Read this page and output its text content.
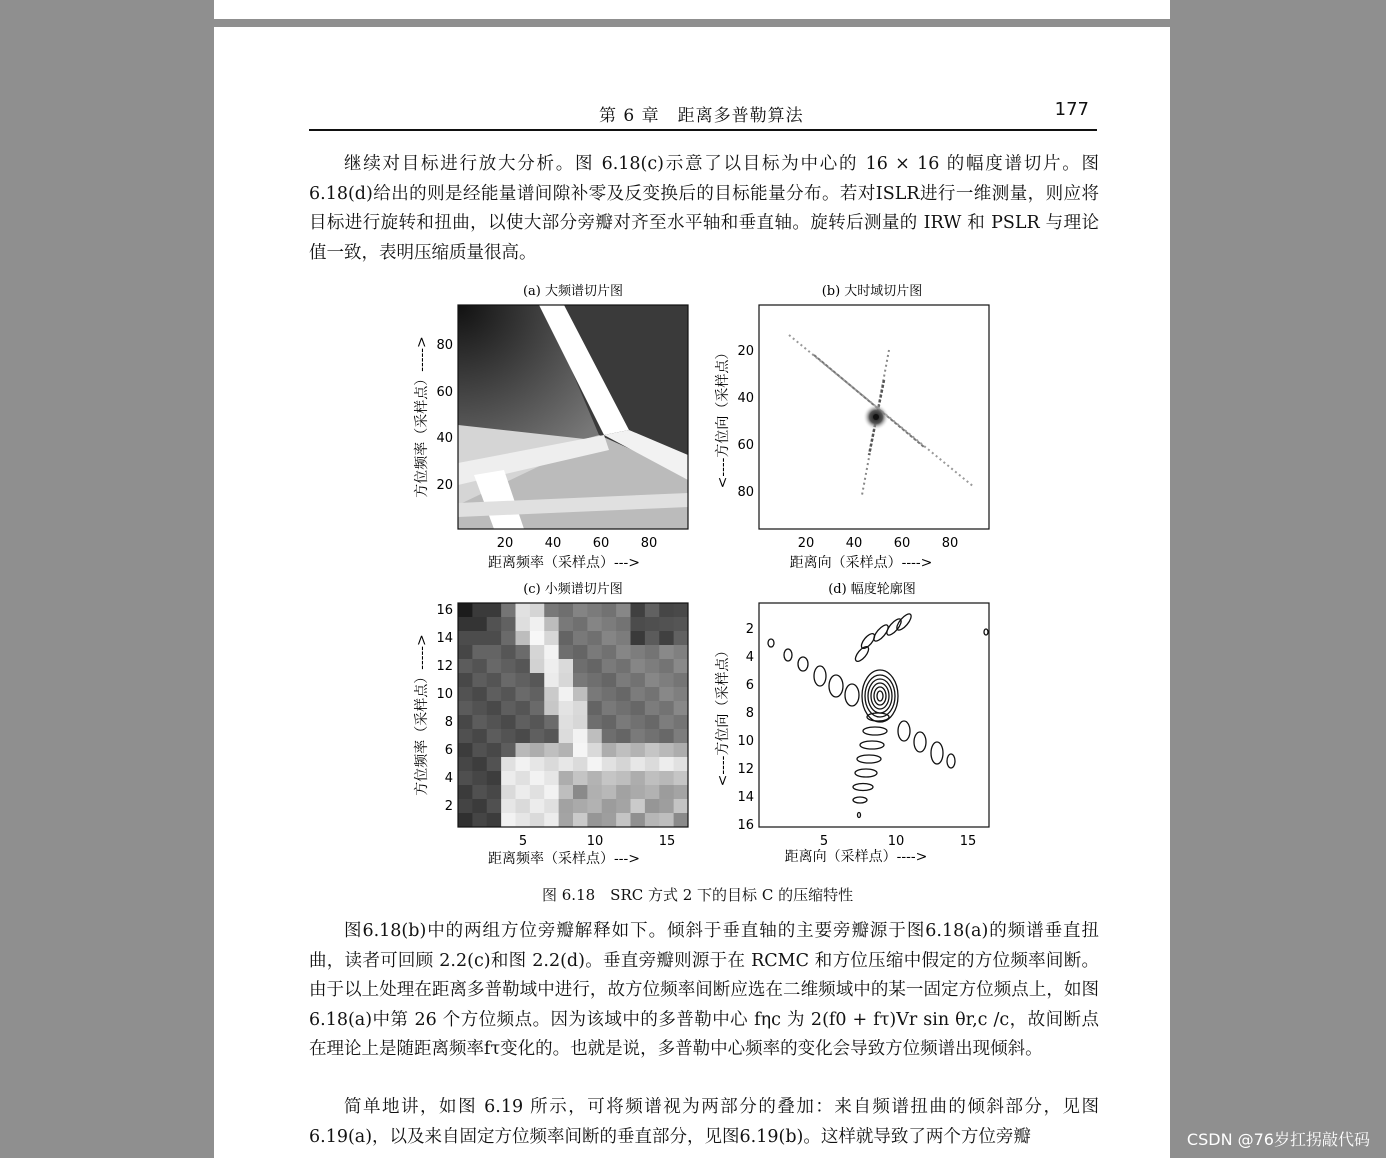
第 6 章　距离多普勒算法	177

继续对目标进行放大分析。图 6.18(c)示意了以目标为中心的 16 × 16 的幅度谱切片。图6.18(d)给出的则是经能量谱间隙补零及反变换后的目标能量分布。若对ISLR进行一维测量，则应将目标进行旋转和扭曲，以使大部分旁瓣对齐至水平轴和垂直轴。旋转后测量的 IRW 和 PSLR 与理论值一致，表明压缩质量很高。

(a) 大频谱切片图
20 40 60 80
20
40
60
80
距离频率（采样点）--->
方位频率（采样点）----->
(b) 大时域切片图
20 40 60 80
20
40
60
80
距离向（采样点）---->
<----方位向（采样点）
(c) 小频谱切片图
5	10	15
2
4
6
8
10
12
14
16
距离频率（采样点）--->
方位频率（采样点）----->
(d) 幅度轮廓图
5	10	15
2
4
6
8
10
12
14
16
距离向（采样点）---->
<----方位向（采样点）
图 6.18　SRC 方式 2 下的目标 C 的压缩特性

图6.18(b)中的两组方位旁瓣解释如下。倾斜于垂直轴的主要旁瓣源于图6.18(a)的频谱垂直扭曲，读者可回顾 2.2(c)和图 2.2(d)。垂直旁瓣则源于在 RCMC 和方位压缩中假定的方位频率间断。由于以上处理在距离多普勒域中进行，故方位频率间断应选在二维频域中的某一固定方位频点上，如图 6.18(a)中第 26 个方位频点。因为该域中的多普勒中心 fηc 为 2(f0 + fτ)Vr sin θr,c /c，故间断点在理论上是随距离频率fτ变化的。也就是说，多普勒中心频率的变化会导致方位频谱出现倾斜。

简单地讲，如图 6.19 所示，可将频谱视为两部分的叠加：来自频谱扭曲的倾斜部分，见图6.19(a)，以及来自固定方位频率间断的垂直部分，见图6.19(b)。这样就导致了两个方位旁瓣	CSDN @76岁扛拐敲代码
